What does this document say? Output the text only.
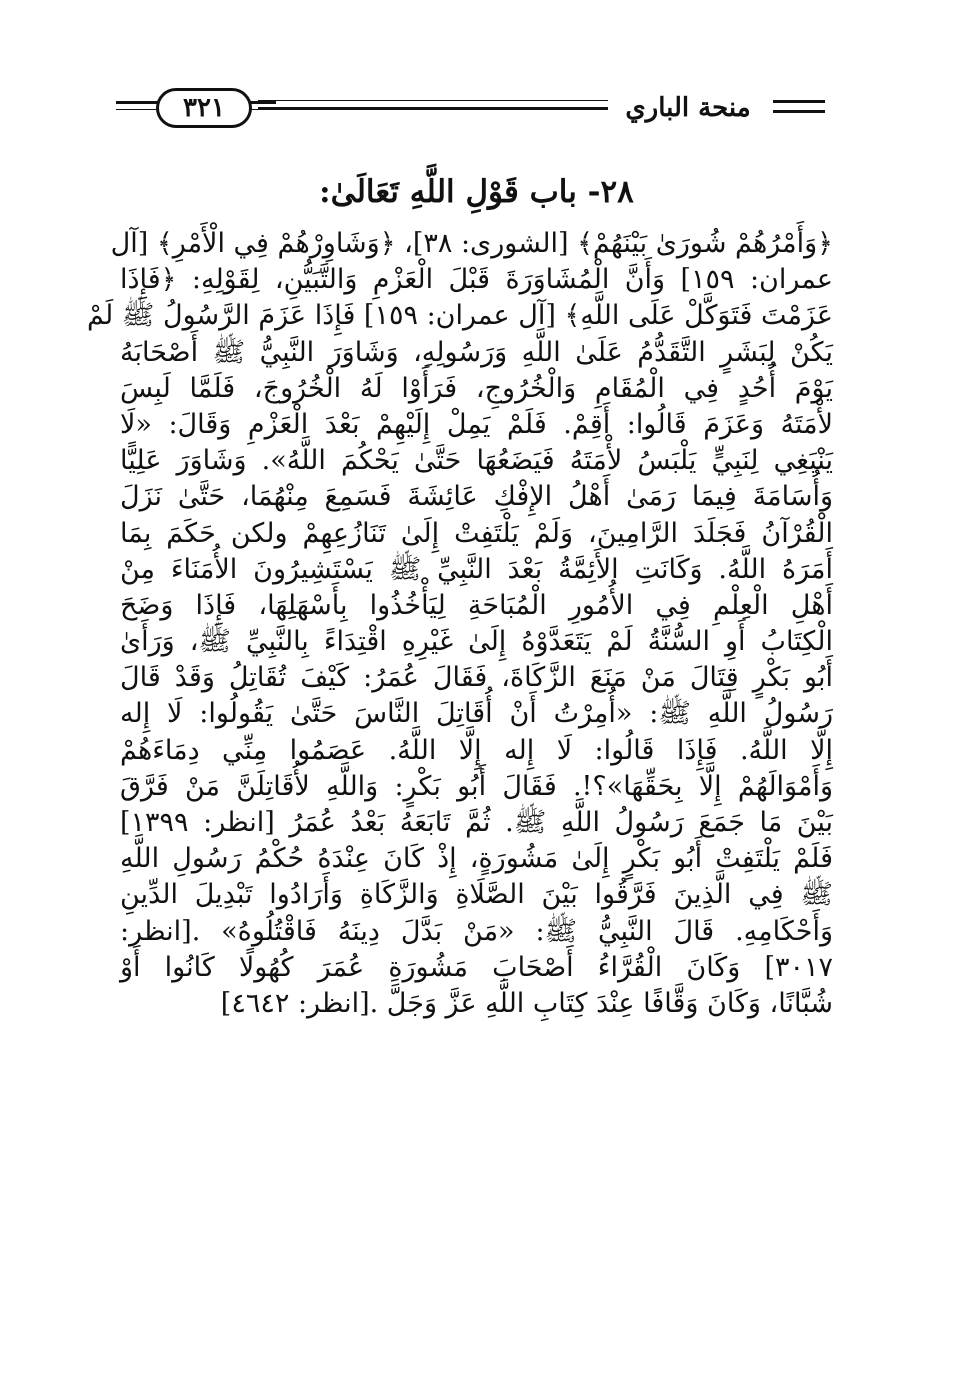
٣٢١	منحة الباري
٢٨- باب قَوْلِ اللَّهِ تَعَالَىٰ:
﴿وَأَمْرُهُمْ شُورَىٰ بَيْنَهُمْ﴾ [الشورى: ٣٨]، ﴿وَشَاوِرْهُمْ فِي الْأَمْرِ﴾ [آل
عمران: ١٥٩] وَأَنَّ الْمُشَاوَرَةَ قَبْلَ الْعَزْمِ وَالتَّبَيُّنِ، لِقَوْلِهِ: ﴿فَإِذَا
عَزَمْتَ فَتَوَكَّلْ عَلَى اللَّهِ﴾ [آل عمران: ١٥٩] فَإِذَا عَزَمَ الرَّسُولُ ﷺ لَمْ
يَكُنْ لِبَشَرٍ التَّقَدُّمُ عَلَىٰ اللَّهِ وَرَسُولِهِ، وَشَاوَرَ النَّبِيُّ ﷺ أَصْحَابَهُ
يَوْمَ أُحُدٍ فِي الْمُقَامِ وَالْخُرُوجِ، فَرَأَوْا لَهُ الْخُرُوجَ، فَلَمَّا لَبِسَ
لأْمَتَهُ وَعَزَمَ قَالُوا: أَقِمْ. فَلَمْ يَمِلْ إِلَيْهِمْ بَعْدَ الْعَزْمِ وَقَالَ: «لَا
يَنْبَغِي لِنَبِيٍّ يَلْبَسُ لأْمَتَهُ فَيَضَعُهَا حَتَّىٰ يَحْكُمَ اللَّهُ». وَشَاوَرَ عَلِيًّا
وَأُسَامَةَ فِيمَا رَمَىٰ أَهْلُ الإِفْكِ عَائِشَةَ فَسَمِعَ مِنْهُمَا، حَتَّىٰ نَزَلَ
الْقُرْآنُ فَجَلَدَ الرَّامِينَ، وَلَمْ يَلْتَفِتْ إِلَىٰ تَنَازُعِهِمْ ولكن حَكَمَ بِمَا
أَمَرَهُ اللَّهُ. وَكَانَتِ الأَئِمَّةُ بَعْدَ النَّبِيِّ ﷺ يَسْتَشِيرُونَ الأُمَنَاءَ مِنْ
أَهْلِ الْعِلْمِ فِي الأُمُورِ الْمُبَاحَةِ لِيَأْخُذُوا بِأَسْهَلِهَا، فَإِذَا وَضَحَ
الْكِتَابُ أَوِ السُّنَّةُ لَمْ يَتَعَدَّوْهُ إِلَىٰ غَيْرِهِ اقْتِدَاءً بِالنَّبِيِّ ﷺ، وَرَأَىٰ
أَبُو بَكْرٍ قِتَالَ مَنْ مَنَعَ الزَّكَاةَ، فَقَالَ عُمَرُ: كَيْفَ تُقَاتِلُ وَقَدْ قَالَ
رَسُولُ اللَّهِ ﷺ: «أُمِرْتُ أَنْ أُقَاتِلَ النَّاسَ حَتَّىٰ يَقُولُوا: لَا إِله
إِلَّا اللَّهُ. فَإِذَا قَالُوا: لَا إِله إِلَّا اللَّهُ. عَصَمُوا مِنِّي دِمَاءَهُمْ
وَأَمْوَالَهُمْ إِلَّا بِحَقِّهَا»؟!. فَقَالَ أَبُو بَكْرٍ: وَاللَّهِ لأُقَاتِلَنَّ مَنْ فَرَّقَ
بَيْنَ مَا جَمَعَ رَسُولُ اللَّهِ ﷺ. ثُمَّ تَابَعَهُ بَعْدُ عُمَرُ [انظر: ١٣٩٩]
فَلَمْ يَلْتَفِتْ أَبُو بَكْرٍ إِلَىٰ مَشُورَةٍ، إِذْ كَانَ عِنْدَهُ حُكْمُ رَسُولِ اللَّهِ
ﷺ فِي الَّذِينَ فَرَّقُوا بَيْنَ الصَّلَاةِ وَالزَّكَاةِ وَأَرَادُوا تَبْدِيلَ الدِّينِ
وَأَحْكَامِهِ. قَالَ النَّبِيُّ ﷺ: «مَنْ بَدَّلَ دِينَهُ فَاقْتُلُوهُ» .[انظر:
٣٠١٧] وَكَانَ الْقُرَّاءُ أَصْحَابَ مَشُورَةِ عُمَرَ كُهُولًا كَانُوا أَوْ
شُبَّانًا، وَكَانَ وَقَّافًا عِنْدَ كِتَابِ اللَّهِ عَزَّ وَجَلَّ .[انظر: ٤٦٤٢]
